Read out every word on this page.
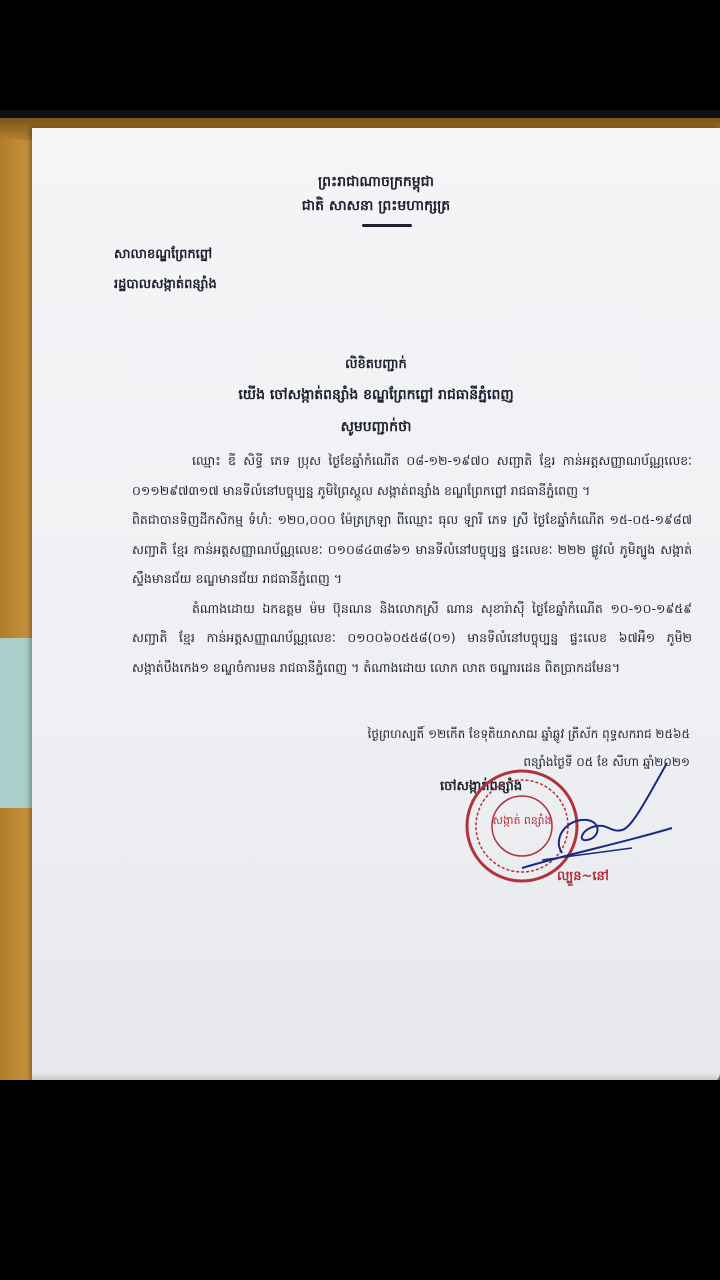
ព្រះរាជាណាចក្រកម្ពុជា
ជាតិ សាសនា ព្រះមហាក្សត្រ
សាលាខណ្ឌព្រែកព្នៅ
រដ្ឋបាលសង្កាត់ពន្សាំង
លិខិតបញ្ជាក់
យើង ចៅសង្កាត់ពន្សាំង ខណ្ឌព្រែកព្នៅ រាជធានីភ្នំពេញ
សូមបញ្ជាក់ថា

ឈ្មោះ ឌី សិទ្ធី ភេទ ប្រុស ថ្ងៃខែឆ្នាំកំណើត ០៨-១២-១៩៧០ សញ្ជាតិ ខ្មែរ កាន់អត្តសញ្ញាណប័ណ្ណលេខៈ ០១១២៩៧៣១៧ មានទីលំនៅបច្ចុប្បន្ន ភូមិព្រៃស្ពួល សង្កាត់ពន្សាំង ខណ្ឌព្រែកព្នៅ រាជធានីភ្នំពេញ ។

ពិតជាបានទិញដីកសិកម្ម ទំហំ: ១២០,០០០ ម៉ែត្រក្រឡា ពីឈ្មោះ ធុល ឡារី ភេទ ស្រី ថ្ងៃខែឆ្នាំកំណើត ១៥-០៥-១៩៨៧ សញ្ជាតិ ខ្មែរ កាន់អត្តសញ្ញាណប័ណ្ណលេខៈ ០១០៨៤៣៨៦១ មានទីលំនៅបច្ចុប្បន្ន ផ្ទះលេខៈ ២២២ ផ្លូវលំ ភូមិត្បូង សង្កាត់ស្ទឹងមានជ័យ ខណ្ឌមានជ័យ រាជធានីភ្នំពេញ ។

តំណាងដោយ ឯកឧត្តម ម៉ម ប៊ុនណន និងលោកស្រី ណាន សុខារ៉ាស៊ី ថ្ងៃខែឆ្នាំកំណើត ១០-១០-១៩៥៩ សញ្ជាតិ ខ្មែរ កាន់អត្តសញ្ញាណប័ណ្ណលេខៈ ០១០០៦០៥៥៨(០១) មានទីលំនៅបច្ចុប្បន្ន ផ្ទះលេខ ៦៧អឺ១ ភូមិ២ សង្កាត់បឹងកេង១ ខណ្ឌចំការមន រាជធានីភ្នំពេញ ។ តំណាងដោយ លោក លាត ចណ្ឌារដេន ពិតប្រាកដមែន។

ថ្ងៃព្រហស្បតិ៍ ១២កើត ខែទុតិយាសាឍ ឆ្នាំឆ្លូវ ត្រីស័ក ពុទ្ធសករាជ ២៥៦៥
ពន្សាំងថ្ងៃទី ០៥ ខែ សីហា ឆ្នាំ២០២១
ចៅសង្កាត់ពន្សាំង
សង្កាត់ ពន្សាំង
ល្បួន~នៅ
